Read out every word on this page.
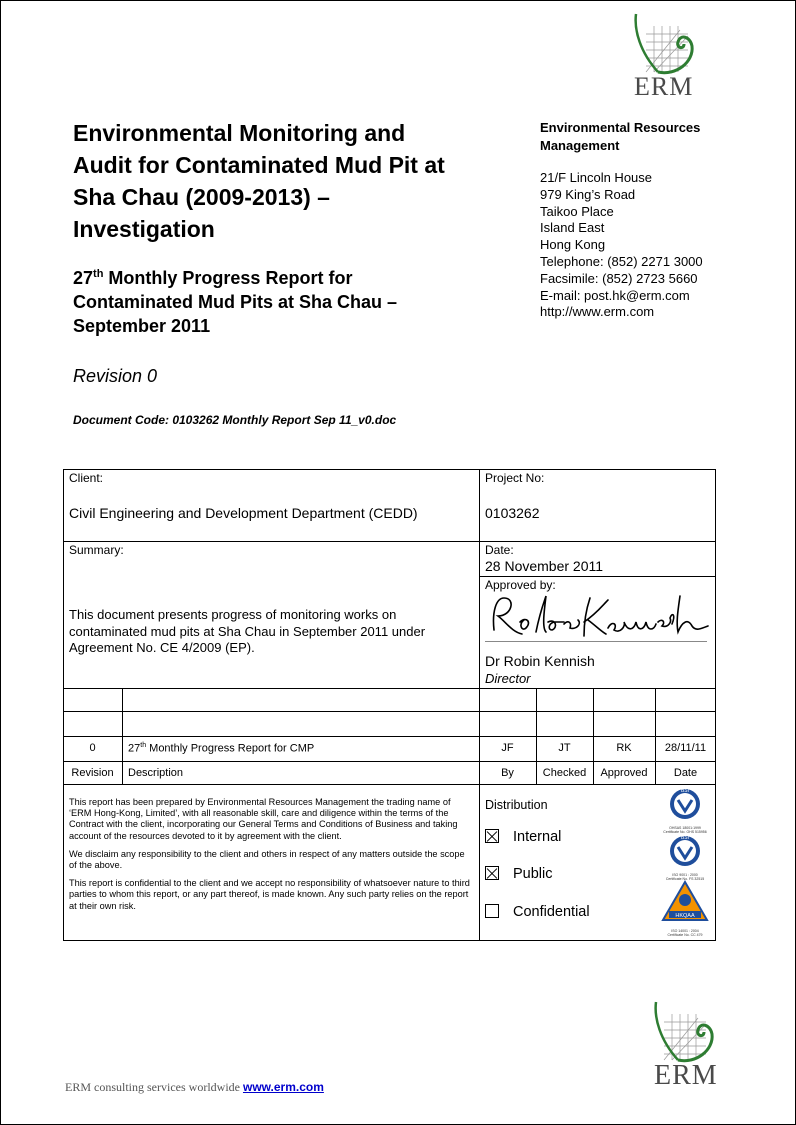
ERM
Environmental Monitoring and
Audit for Contaminated Mud Pit at
Sha Chau (2009-2013) –
Investigation
27th Monthly Progress Report for
Contaminated Mud Pits at Sha Chau –
September 2011
Revision 0
Document Code: 0103262 Monthly Report Sep 11_v0.doc
Environmental Resources Management
21/F Lincoln House
979 King’s Road
Taikoo Place
Island East
Hong Kong
Telephone: (852) 2271 3000
Facsimile: (852) 2723 5660
E-mail: post.hk@erm.com
http://www.erm.com
Client:
Civil Engineering and Development Department (CEDD)
Project No:
0103262
Summary:
This document presents progress of monitoring works on contaminated mud pits at Sha Chau in September 2011 under Agreement No. CE 4/2009 (EP).
Date:
28 November 2011
Approved by:
Dr Robin Kennish
Director
0	27th Monthly Progress Report for CMP	JF	JT	RK	28/11/11
Revision	Description	By	Checked	Approved	Date

This report has been prepared by Environmental Resources Management the trading name of ‘ERM Hong-Kong, Limited’, with all reasonable skill, care and diligence within the terms of the Contract with the client, incorporating our General Terms and Conditions of Business and taking account of the resources devoted to it by agreement with the client.

We disclaim any responsibility to the client and others in respect of any matters outside the scope of the above.

This report is confidential to the client and we accept no responsibility of whatsoever nature to third parties to whom this report, or any part thereof, is made known. Any such party relies on the report at their own risk.

Distribution
Internal
Public
Confidential
BSI
OHSAS 18001:1999
Certificate No. OHS 515956
BSI
ISO 9001 : 2000
Certificate No. FS 32515
HKQAA
ISO 14001 : 2004
Certificate No. CC 479
ERM
ERM consulting services worldwide www.erm.com
